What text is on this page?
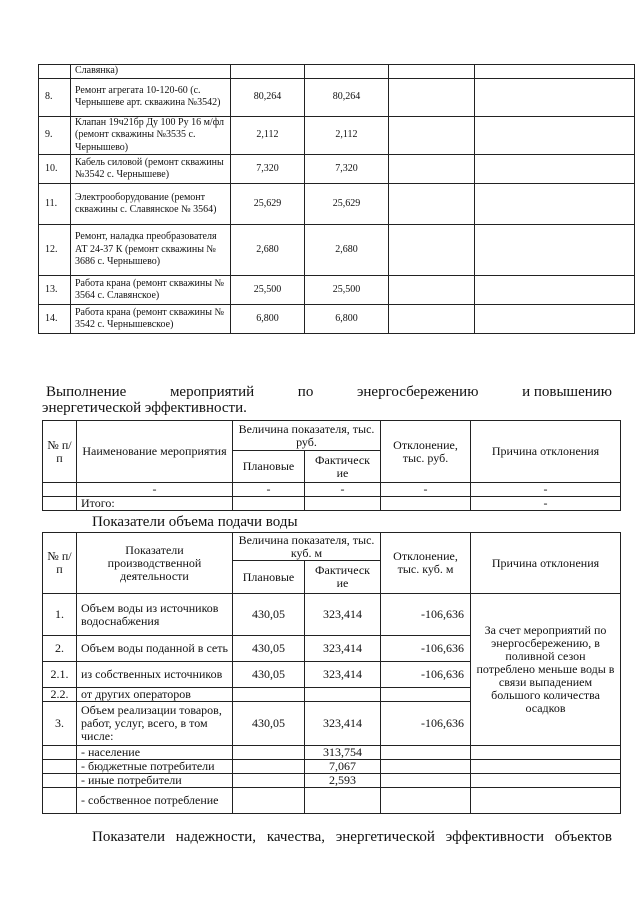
	Славянка)				
8.	Ремонт агрегата 10-120-60 (с. Чернышеве арт. скважина №3542)	80,264	80,264		
9.	Клапан 19ч21бр Ду 100 Ру 16 м/фл (ремонт скважины №3535 с. Чернышево)	2,112	2,112		
10.	Кабель силовой (ремонт скважины №3542 с. Чернышеве)	7,320	7,320		
11.	Электрооборудование (ремонт скважины с. Славянское № 3564)	25,629	25,629		
12.	Ремонт, наладка преобразователя АТ 24-37 К (ремонт скважины № 3686 с. Чернышево)	2,680	2,680		
13.	Работа крана (ремонт скважины № 3564 с. Славянское)	25,500	25,500		
14.	Работа крана (ремонт скважины № 3542 с. Чернышевское)	6,800	6,800		
Выполнение	мероприятий	по	энергосбережению	и повышению
энергетической эффективности.
№ п/п	Наименование мероприятия	Величина показателя, тыс. руб.		Отклонение, тыс. руб.	Причина отклонения
		Плановые	Фактическ ие		
	-	-	-	-	-
	Итого:				-
Показатели объема подачи воды
№ п/п	Показатели производственной деятельности	Величина показателя, тыс. куб. м		Отклонение, тыс. куб. м	Причина отклонения
		Плановые	Фактическ ие		
1.	Объем воды из источников водоснабжения	430,05	323,414	-106,636	За счет мероприятий по энергосбережению, в поливной сезон потреблено меньше воды в связи выпадением большого количества осадков
2.	Объем воды поданной в сеть	430,05	323,414	-106,636	
2.1.	из собственных источников	430,05	323,414	-106,636	
2.2.	от других операторов				
3.	Объем реализации товаров, работ, услуг, всего, в том числе:	430,05	323,414	-106,636	
	- население		313,754		
	- бюджетные потребители		7,067		
	- иные потребители		2,593		
	- собственное потребление				
Показатели надежности, качества, энергетической эффективности объектов
